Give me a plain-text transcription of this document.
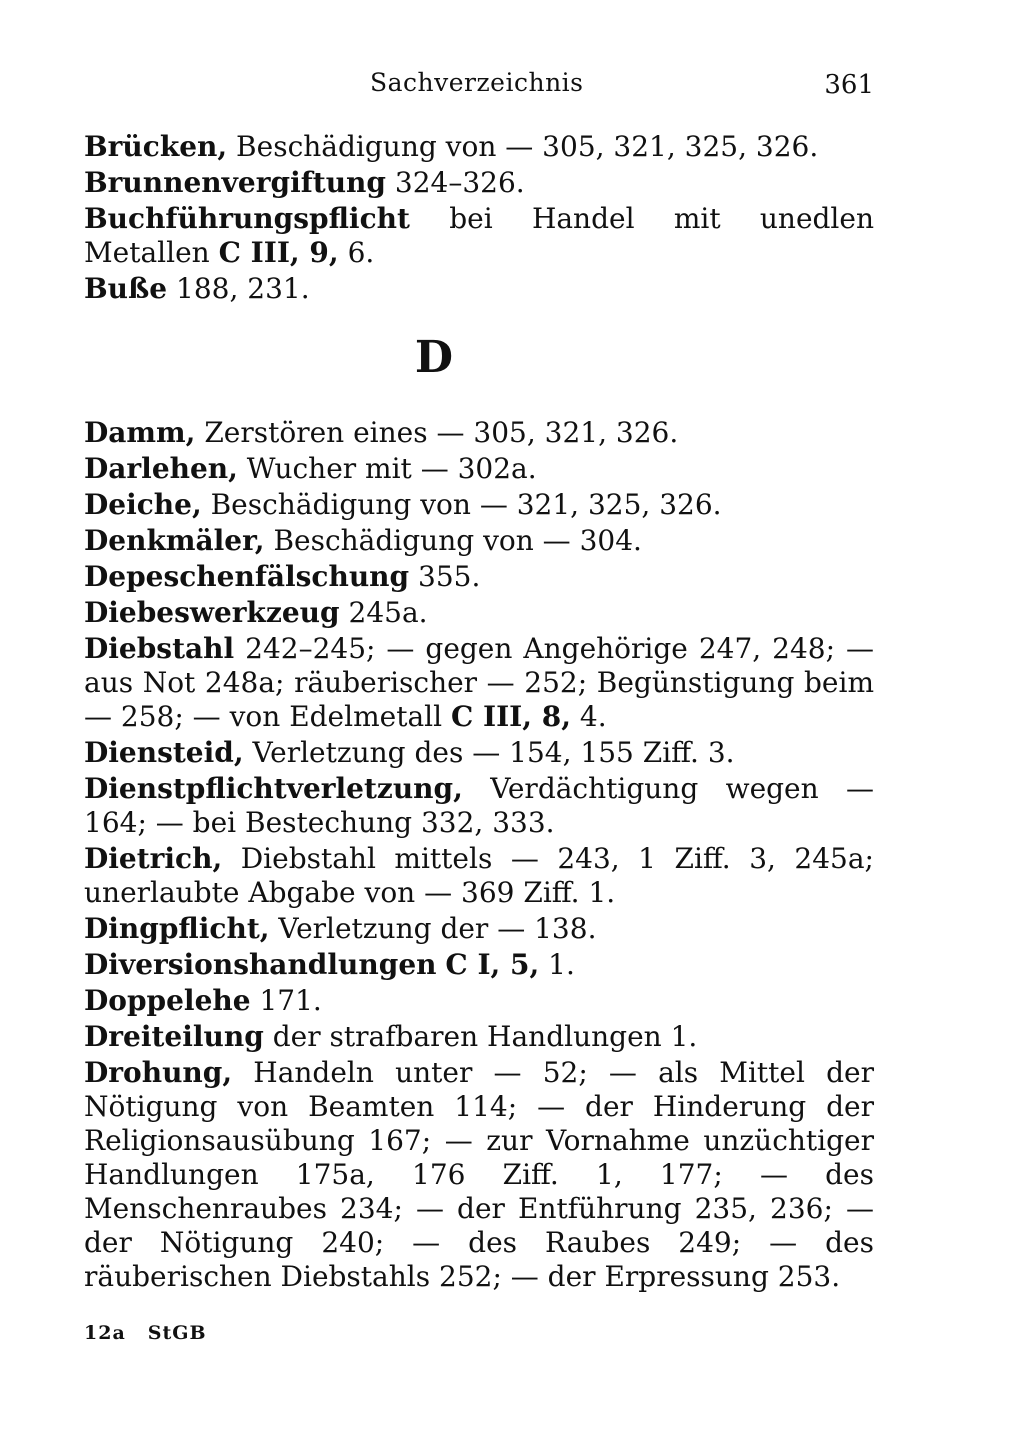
Sachverzeichnis	361
Brücken, Beschädigung von — 305, 321, 325, 326.
Brunnenvergiftung 324–326.
Buchführungspflicht bei Handel mit unedlen Metallen C III, 9, 6.
Buße 188, 231.
D
Damm, Zerstören eines — 305, 321, 326.
Darlehen, Wucher mit — 302a.
Deiche, Beschädigung von — 321, 325, 326.
Denkmäler, Beschädigung von — 304.
Depeschenfälschung 355.
Diebeswerkzeug 245a.
Diebstahl 242–245; — gegen Angehörige 247, 248; — aus Not 248a; räuberischer — 252; Begünstigung beim — 258; — von Edelmetall C III, 8, 4.
Diensteid, Verletzung des — 154, 155 Ziff. 3.
Dienstpflichtverletzung, Verdächtigung wegen — 164; — bei Bestechung 332, 333.
Dietrich, Diebstahl mittels — 243, 1 Ziff. 3, 245a; unerlaubte Abgabe von — 369 Ziff. 1.
Dingpflicht, Verletzung der — 138.
Diversionshandlungen C I, 5, 1.
Doppelehe 171.
Dreiteilung der strafbaren Handlungen 1.
Drohung, Handeln unter — 52; — als Mittel der Nötigung von Beamten 114; — der Hinderung der Religionsausübung 167; — zur Vornahme unzüchtiger Handlungen 175a, 176 Ziff. 1, 177; — des Menschenraubes 234; — der Entführung 235, 236; — der Nötigung 240; — des Raubes 249; — des räuberischen Diebstahls 252; — der Erpressung 253.
12a StGB
